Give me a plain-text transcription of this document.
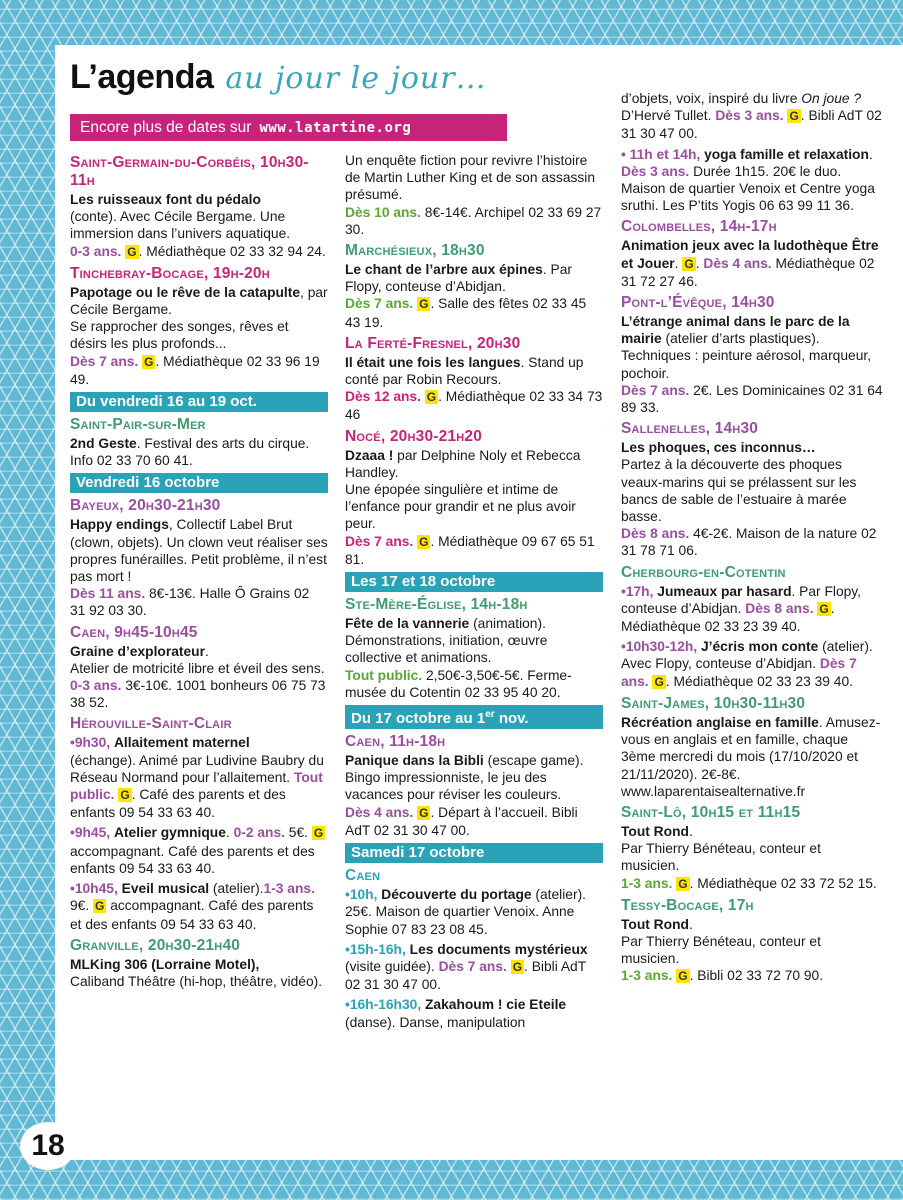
L’agenda au jour le jour…
Encore plus de dates sur www.latartine.org
Saint-Germain-du-Corbéis, 10h30-11h

Les ruisseaux font du pédalo
(conte). Avec Cécile Bergame. Une immersion dans l’univers aquatique.
0-3 ans. G . Médiathèque 02 33 32 94 24.

Tinchebray-Bocage, 19h-20h

Papotage ou le rêve de la catapulte, par Cécile Bergame.
Se rapprocher des songes, rêves et désirs les plus profonds...
Dès 7 ans. G . Médiathèque 02 33 96 19 49.

Du vendredi 16 au 19 oct.
Saint-Pair-sur-Mer

2nd Geste. Festival des arts du cirque. Info 02 33 70 60 41.

Vendredi 16 octobre
Bayeux, 20h30-21h30

Happy endings, Collectif Label Brut (clown, objets). Un clown veut réaliser ses propres funérailles. Petit problème, il n’est pas mort !
Dès 11 ans. 8€-13€. Halle Ô Grains 02 31 92 03 30.

Caen, 9h45-10h45

Graine d’explorateur.
Atelier de motricité libre et éveil des sens.
0-3 ans. 3€-10€. 1001 bonheurs 06 75 73 38 52.

Hérouville-Saint-Clair

•9h30, Allaitement maternel
(échange). Animé par Ludivine Baubry du Réseau Normand pour l’allaitement. Tout public. G . Café des parents et des enfants 09 54 33 63 40.

•9h45, Atelier gymnique. 0-2 ans. 5€. G accompagnant. Café des parents et des enfants 09 54 33 63 40.

•10h45, Eveil musical (atelier).1-3 ans. 9€. G accompagnant. Café des parents et des enfants 09 54 33 63 40.

Granville, 20h30-21h40

MLKing 306 (Lorraine Motel),
Caliband Théâtre (hi-hop, théâtre, vidéo).

Un enquête fiction pour revivre l’histoire de Martin Luther King et de son assassin présumé.
Dès 10 ans. 8€-14€. Archipel 02 33 69 27 30.

Marchésieux, 18h30

Le chant de l’arbre aux épines. Par Flopy, conteuse d’Abidjan.
Dès 7 ans. G . Salle des fêtes 02 33 45 43 19.

La Ferté-Fresnel, 20h30

Il était une fois les langues. Stand up conté par Robin Recours.
Dès 12 ans. G . Médiathèque 02 33 34 73 46

Nocé, 20h30-21h20

Dzaaa ! par Delphine Noly et Rebecca Handley.
Une épopée singulière et intime de l’enfance pour grandir et ne plus avoir peur.
Dès 7 ans. G . Médiathèque 09 67 65 51 81.

Les 17 et 18 octobre
Ste-Mère-Église, 14h-18h

Fête de la vannerie (animation). Démonstrations, initiation, œuvre collective et animations.
Tout public. 2,50€-3,50€-5€. Ferme-musée du Cotentin 02 33 95 40 20.

Du 17 octobre au 1er nov.
Caen, 11h-18h

Panique dans la Bibli (escape game). Bingo impressionniste, le jeu des vacances pour réviser les couleurs.
Dès 4 ans. G . Départ à l’accueil. Bibli AdT 02 31 30 47 00.

Samedi 17 octobre
Caen

•10h, Découverte du portage (atelier). 25€. Maison de quartier Venoix. Anne Sophie 07 83 23 08 45.

•15h-16h, Les documents mystérieux (visite guidée). Dès 7 ans. G . Bibli AdT 02 31 30 47 00.

•16h-16h30, Zakahoum ! cie Eteile (danse). Danse, manipulation

d’objets, voix, inspiré du livre On joue ? D’Hervé Tullet. Dès 3 ans. G . Bibli AdT 02 31 30 47 00.

• 11h et 14h, yoga famille et relaxation. Dès 3 ans. Durée 1h15. 20€ le duo. Maison de quartier Venoix et Centre yoga sruthi. Les P’tits Yogis 06 63 99 11 36.

Colombelles, 14h-17h

Animation jeux avec la ludothèque Être et Jouer. G . Dès 4 ans. Médiathèque 02 31 72 27 46.

Pont-l’Évêque, 14h30

L’étrange animal dans le parc de la mairie (atelier d’arts plastiques). Techniques : peinture aérosol, marqueur, pochoir.
Dès 7 ans. 2€. Les Dominicaines 02 31 64 89 33.

Sallenelles, 14h30

Les phoques, ces inconnus…
Partez à la découverte des phoques veaux-marins qui se prélassent sur les bancs de sable de l’estuaire à marée basse.
Dès 8 ans. 4€-2€. Maison de la nature 02 31 78 71 06.

Cherbourg-en-Cotentin

•17h, Jumeaux par hasard. Par Flopy, conteuse d’Abidjan. Dès 8 ans. G . Médiathèque 02 33 23 39 40.

•10h30-12h, J’écris mon conte (atelier). Avec Flopy, conteuse d’Abidjan. Dès 7 ans. G . Médiathèque 02 33 23 39 40.

Saint-James, 10h30-11h30

Récréation anglaise en famille. Amusez-vous en anglais et en famille, chaque 3ème mercredi du mois (17/10/2020 et 21/11/2020). 2€-8€. www.laparentaisealternative.fr

Saint-Lô, 10h15 et 11h15

Tout Rond.
Par Thierry Bénéteau, conteur et musicien.
1-3 ans. G . Médiathèque 02 33 72 52 15.

Tessy-Bocage, 17h

Tout Rond.
Par Thierry Bénéteau, conteur et musicien.
1-3 ans. G . Bibli 02 33 72 70 90.

18
